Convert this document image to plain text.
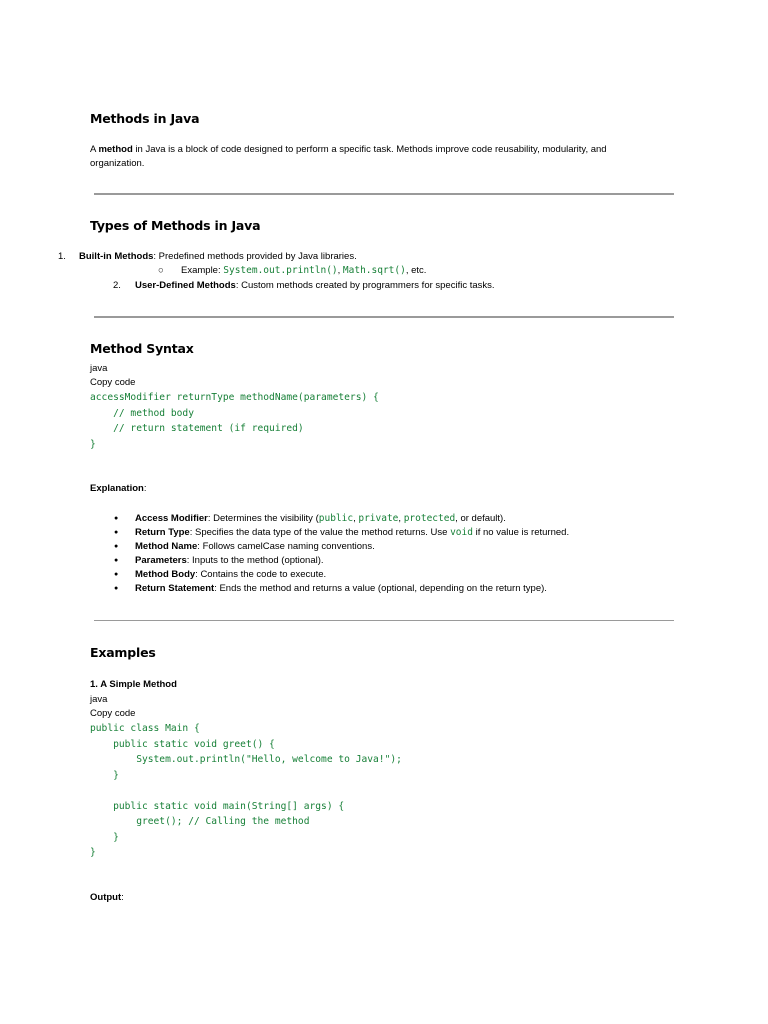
Methods in Java
A method in Java is a block of code designed to perform a specific task. Methods improve code reusability, modularity, and organization.
Types of Methods in Java
1. Built-in Methods: Predefined methods provided by Java libraries.
○ Example: System.out.println(), Math.sqrt(), etc.
2. User-Defined Methods: Custom methods created by programmers for specific tasks.
Method Syntax
java
Copy code
accessModifier returnType methodName(parameters) {
// method body
// return statement (if required)
}
Explanation:
● Access Modifier: Determines the visibility (public, private, protected, or default).
● Return Type: Specifies the data type of the value the method returns. Use void if no value is returned.
● Method Name: Follows camelCase naming conventions.
● Parameters: Inputs to the method (optional).
● Method Body: Contains the code to execute.
● Return Statement: Ends the method and returns a value (optional, depending on the return type).
Examples
1. A Simple Method
java
Copy code
public class Main {
public static void greet() {
System.out.println("Hello, welcome to Java!");
}

public static void main(String[] args) {
greet(); // Calling the method
}
}
Output:
